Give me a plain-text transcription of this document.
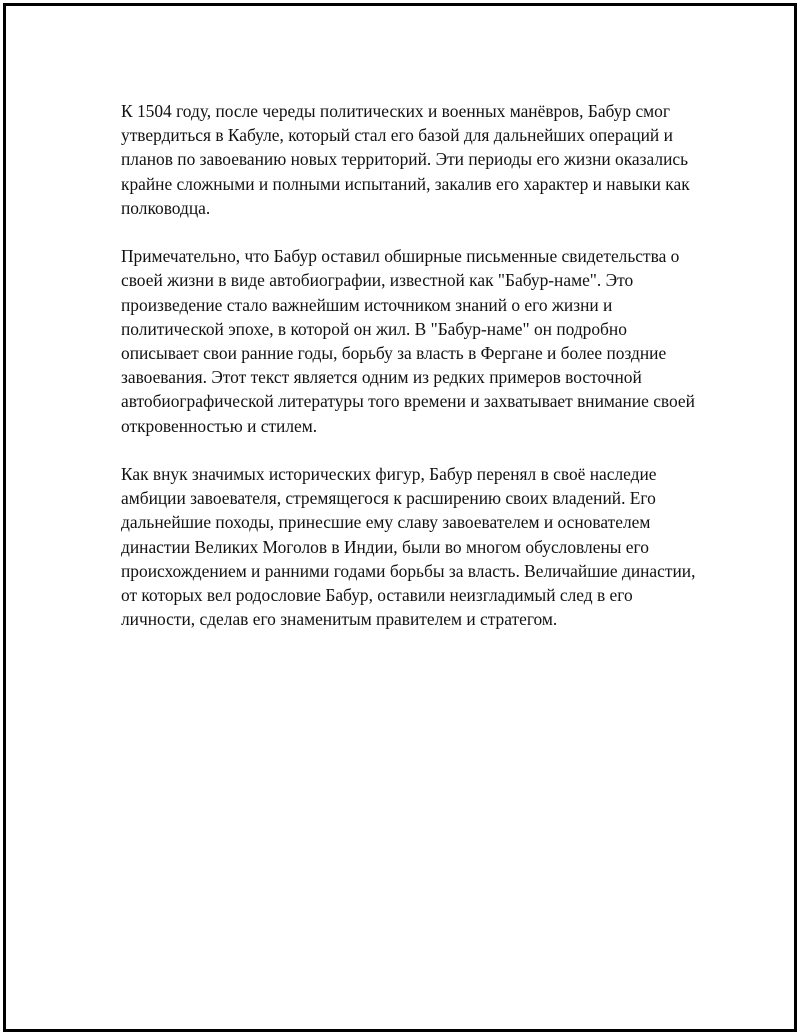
К 1504 году, после череды политических и военных манёвров, Бабур смог утвердиться в Кабуле, который стал его базой для дальнейших операций и планов по завоеванию новых территорий. Эти периоды его жизни оказались крайне сложными и полными испытаний, закалив его характер и навыки как полководца.

Примечательно, что Бабур оставил обширные письменные свидетельства о своей жизни в виде автобиографии, известной как "Бабур-наме". Это произведение стало важнейшим источником знаний о его жизни и политической эпохе, в которой он жил. В "Бабур-наме" он подробно описывает свои ранние годы, борьбу за власть в Фергане и более поздние завоевания. Этот текст является одним из редких примеров восточной автобиографической литературы того времени и захватывает внимание своей откровенностью и стилем.

Как внук значимых исторических фигур, Бабур перенял в своё наследие амбиции завоевателя, стремящегося к расширению своих владений. Его дальнейшие походы, принесшие ему славу завоевателем и основателем династии Великих Моголов в Индии, были во многом обусловлены его происхождением и ранними годами борьбы за власть. Величайшие династии, от которых вел родословие Бабур, оставили неизгладимый след в его личности, сделав его знаменитым правителем и стратегом.
